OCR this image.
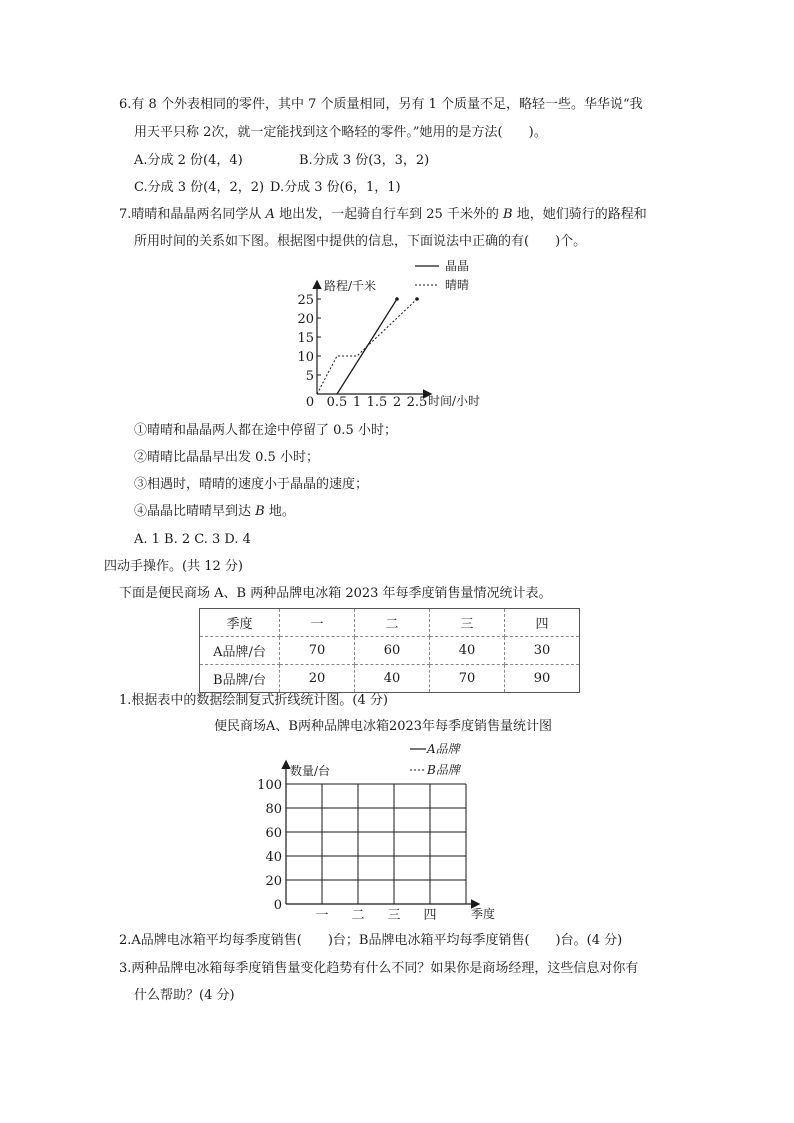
6.有 8 个外表相同的零件，其中 7 个质量相同，另有 1 个质量不足，略轻一些。华华说“我
用天平只称 2次，就一定能找到这个略轻的零件。”她用的是方法(　　)。
A.分成 2 份(4，4)	B.分成 3 份(3，3，2)
C.分成 3 份(4，2，2) D.分成 3 份(6，1，1)
7.晴晴和晶晶两名同学从 A 地出发，一起骑自行车到 25 千米外的 B 地，她们骑行的路程和
所用时间的关系如下图。根据图中提供的信息，下面说法中正确的有(　　)个。
5
10
15
20
25
0 0.5 1 1.5 2 2.5
路程/千米
时间/小时
晶晶
晴晴
①晴晴和晶晶两人都在途中停留了 0.5 小时；
②晴晴比晶晶早出发 0.5 小时；
③相遇时，晴晴的速度小于晶晶的速度；
④晶晶比晴晴早到达 B 地。
A. 1 B. 2 C. 3 D. 4
四动手操作。(共 12 分)
下面是便民商场 A、B 两种品牌电冰箱 2023 年每季度销售量情况统计表。
季度	一	二	三	四
A品牌/台	70	60	40	30
B品牌/台	20	40	70	90
1.根据表中的数据绘制复式折线统计图。(4 分)
便民商场A、B两种品牌电冰箱2023年每季度销售量统计图
A品牌
B品牌
数量/台
0
20
40
60
80
100
一 二 三 四	季度
2.A品牌电冰箱平均每季度销售(　　)台；B品牌电冰箱平均每季度销售(　　)台。(4 分)
3.两种品牌电冰箱每季度销售量变化趋势有什么不同？如果你是商场经理，这些信息对你有
什么帮助？(4 分)
